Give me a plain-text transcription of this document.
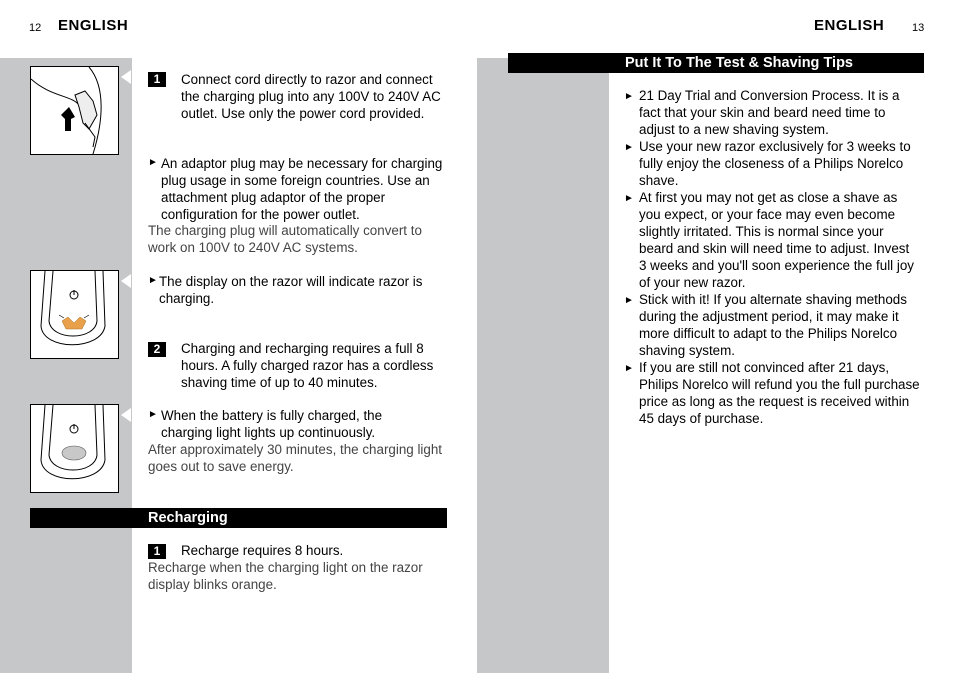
12 ENGLISH
1	Connect cord directly to razor and connect the charging plug into any 100V to 240V AC outlet. Use only the power cord provided.
► An adaptor plug may be necessary for charging plug usage in some foreign countries. Use an attachment plug adaptor of the proper configuration for the power outlet.
The charging plug will automatically convert to work on 100V to 240V AC systems.
► The display on the razor will indicate razor is charging.
2	Charging and recharging requires a full 8 hours. A fully charged razor has a cordless shaving time of up to 40 minutes.
► When the battery is fully charged, the charging light lights up continuously.
After approximately 30 minutes, the charging light goes out to save energy.
Recharging
1	Recharge requires 8 hours.
Recharge when the charging light on the razor display blinks orange.
ENGLISH	13
Put It To The Test & Shaving Tips
► 21 Day Trial and Conversion Process. It is a fact that your skin and beard need time to adjust to a new shaving system.
► Use your new razor exclusively for 3 weeks to fully enjoy the closeness of a Philips Norelco shave.
► At first you may not get as close a shave as you expect, or your face may even become slightly irritated. This is normal since your beard and skin will need time to adjust. Invest 3 weeks and you'll soon experience the full joy of your new razor.
► Stick with it! If you alternate shaving methods during the adjustment period, it may make it more difficult to adapt to the Philips Norelco shaving system.
► If you are still not convinced after 21 days, Philips Norelco will refund you the full purchase price as long as the request is received within 45 days of purchase.
